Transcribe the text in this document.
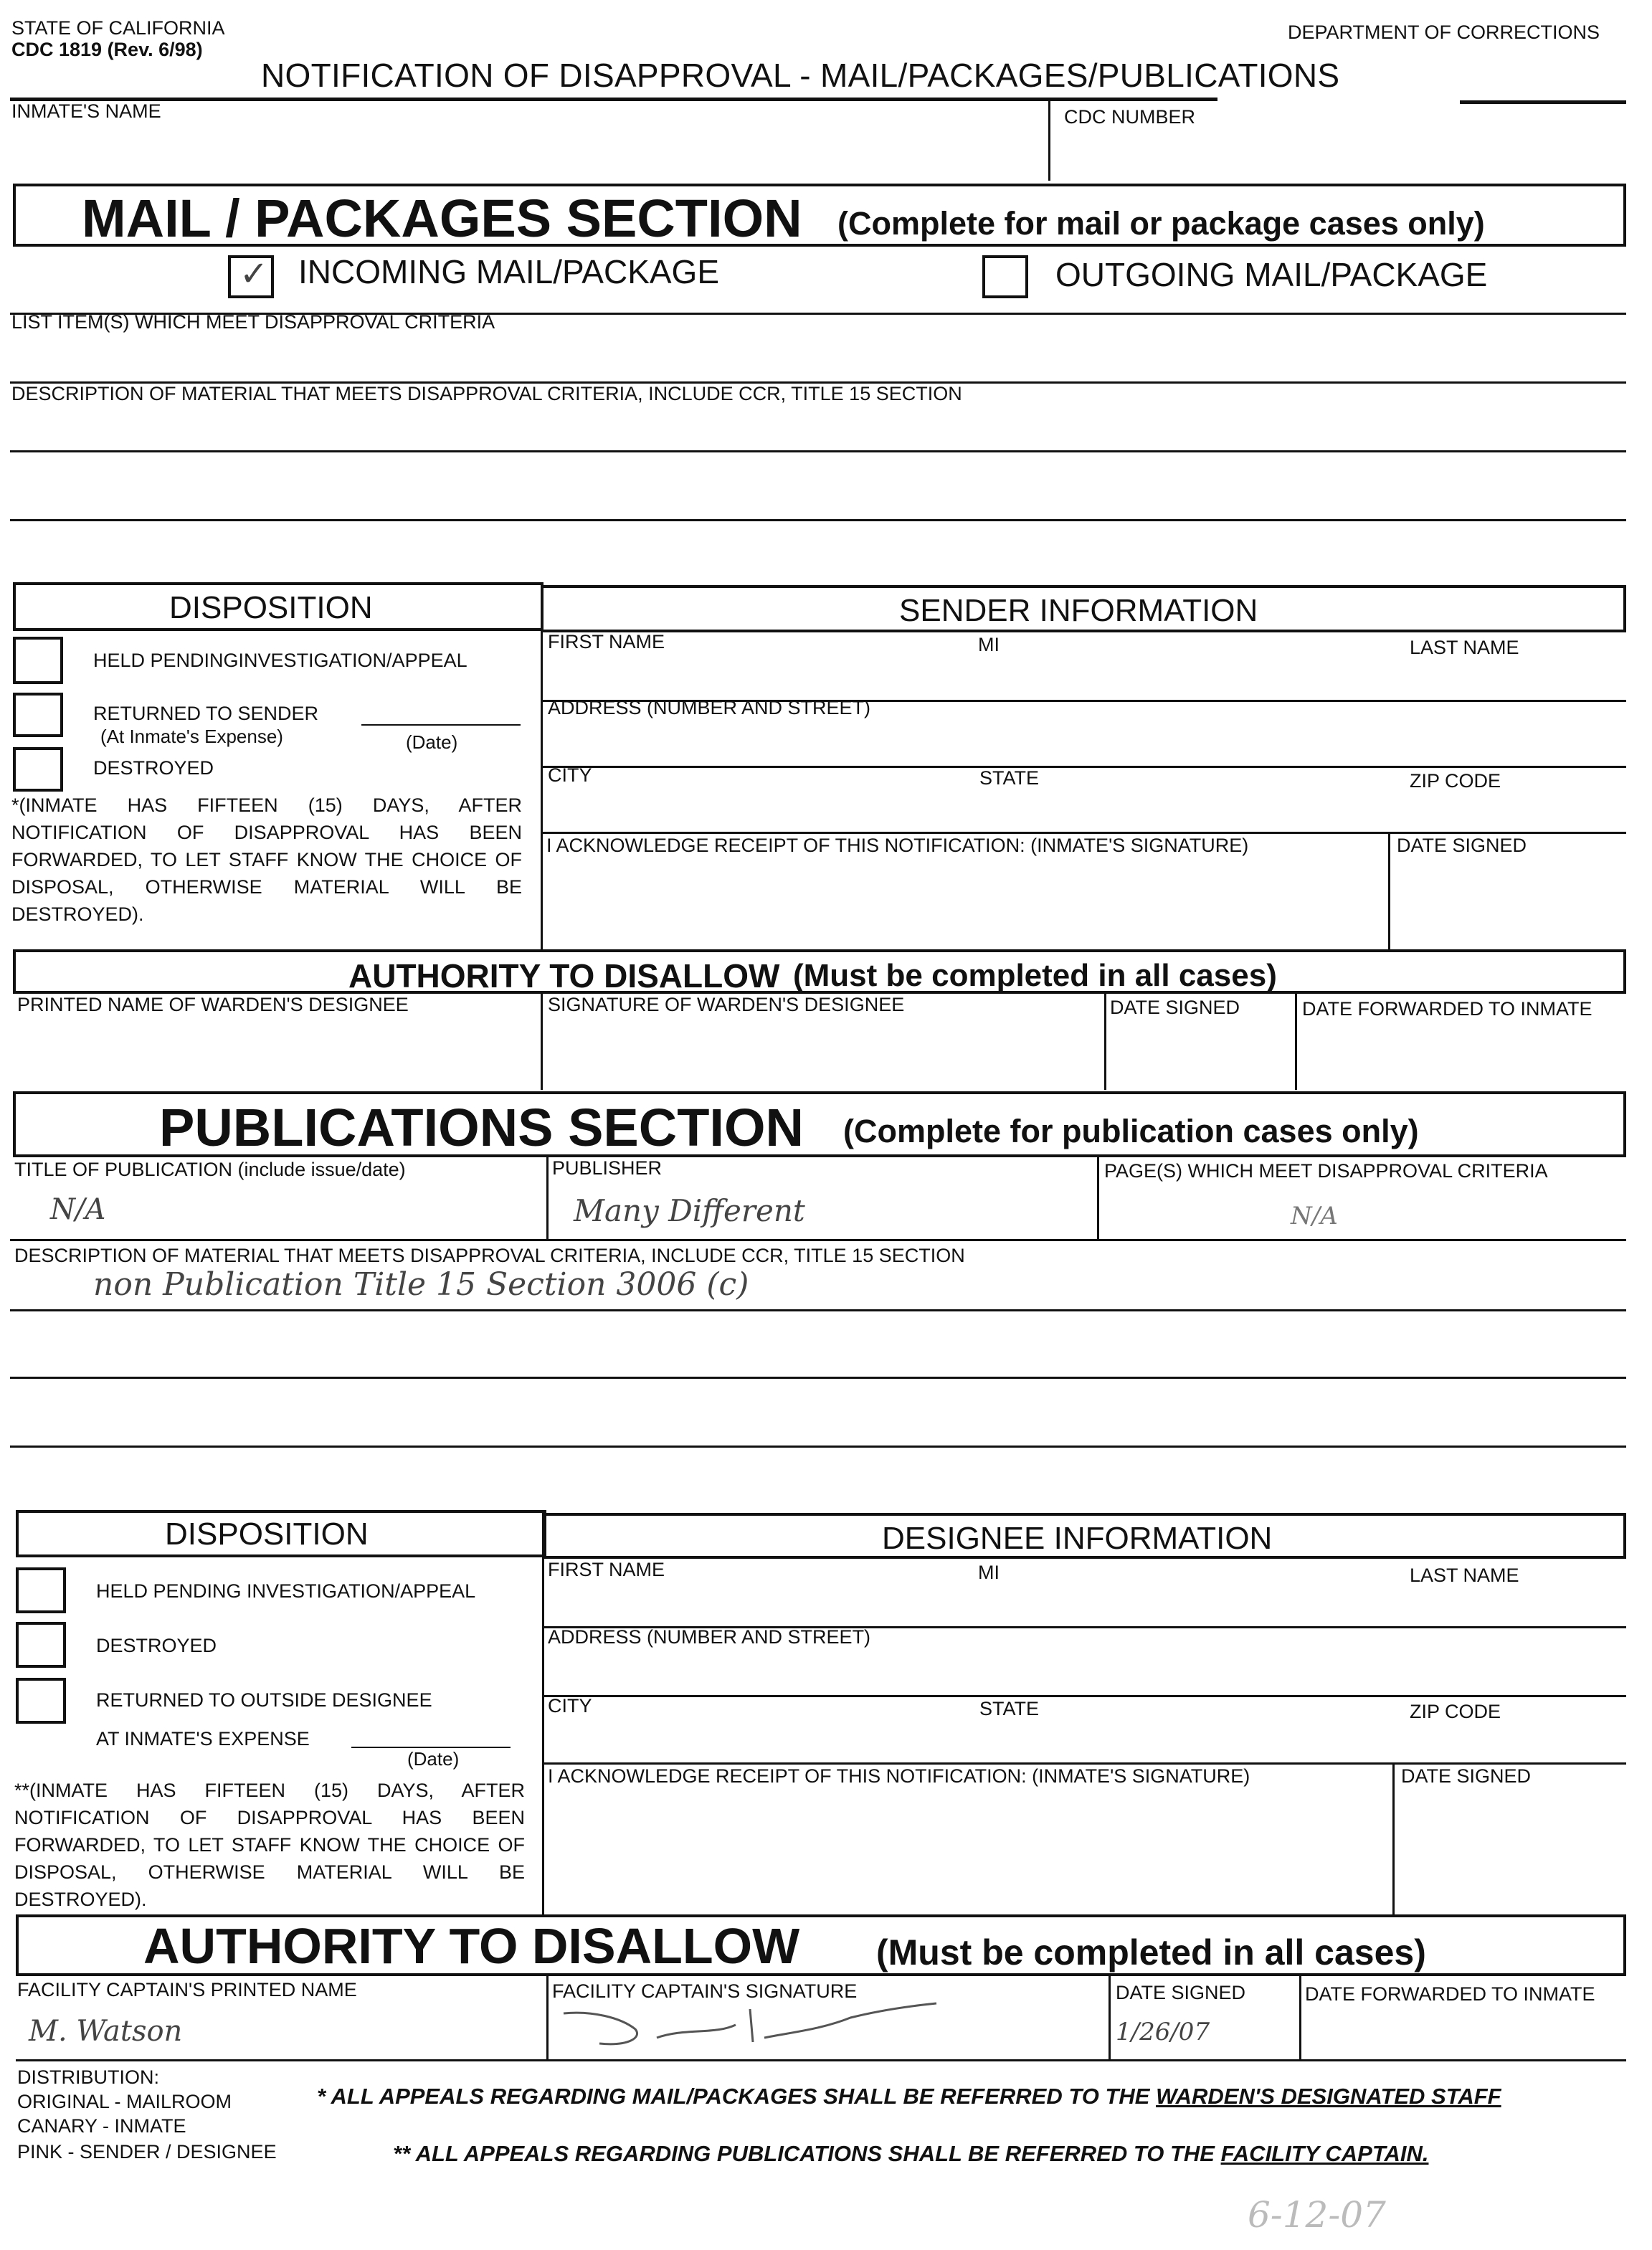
STATE OF CALIFORNIA
CDC 1819 (Rev. 6/98)
DEPARTMENT OF CORRECTIONS
NOTIFICATION OF DISAPPROVAL - MAIL/PACKAGES/PUBLICATIONS
INMATE'S NAME	CDC NUMBER
MAIL / PACKAGES SECTION (Complete for mail or package cases only)
✓ INCOMING MAIL/PACKAGE	OUTGOING MAIL/PACKAGE
LIST ITEM(S) WHICH MEET DISAPPROVAL CRITERIA
DESCRIPTION OF MATERIAL THAT MEETS DISAPPROVAL CRITERIA, INCLUDE CCR, TITLE 15 SECTION
DISPOSITION	SENDER INFORMATION
HELD PENDINGINVESTIGATION/APPEAL
RETURNED TO SENDER
(At Inmate's Expense)	(Date)
DESTROYED
*(INMATE HAS FIFTEEN (15) DAYS, AFTER NOTIFICATION OF DISAPPROVAL HAS BEEN FORWARDED, TO LET STAFF KNOW THE CHOICE OF DISPOSAL, OTHERWISE MATERIAL WILL BE DESTROYED).
FIRST NAME	MI	LAST NAME
ADDRESS (NUMBER AND STREET)
CITY	STATE	ZIP CODE
I ACKNOWLEDGE RECEIPT OF THIS NOTIFICATION: (INMATE'S SIGNATURE)	DATE SIGNED
AUTHORITY TO DISALLOW (Must be completed in all cases)
PRINTED NAME OF WARDEN'S DESIGNEE	SIGNATURE OF WARDEN'S DESIGNEE	DATE SIGNED	DATE FORWARDED TO INMATE
PUBLICATIONS SECTION (Complete for publication cases only)
TITLE OF PUBLICATION (include issue/date)
N/A
PUBLISHER
Many Different
PAGE(S) WHICH MEET DISAPPROVAL CRITERIA
N/A
DESCRIPTION OF MATERIAL THAT MEETS DISAPPROVAL CRITERIA, INCLUDE CCR, TITLE 15 SECTION
non Publication Title 15 Section 3006 (c)
DISPOSITION	DESIGNEE INFORMATION
HELD PENDING INVESTIGATION/APPEAL
DESTROYED
RETURNED TO OUTSIDE DESIGNEE
AT INMATE'S EXPENSE
(Date)
**(INMATE HAS FIFTEEN (15) DAYS, AFTER NOTIFICATION OF DISAPPROVAL HAS BEEN FORWARDED, TO LET STAFF KNOW THE CHOICE OF DISPOSAL, OTHERWISE MATERIAL WILL BE DESTROYED).
FIRST NAME	MI	LAST NAME
ADDRESS (NUMBER AND STREET)
CITY	STATE	ZIP CODE
I ACKNOWLEDGE RECEIPT OF THIS NOTIFICATION: (INMATE'S SIGNATURE)	DATE SIGNED
AUTHORITY TO DISALLOW (Must be completed in all cases)
FACILITY CAPTAIN'S PRINTED NAME
M. Watson
FACILITY CAPTAIN'S SIGNATURE	DATE SIGNED
1/26/07
DATE FORWARDED TO INMATE
DISTRIBUTION:
ORIGINAL - MAILROOM
CANARY - INMATE
PINK - SENDER / DESIGNEE
* ALL APPEALS REGARDING MAIL/PACKAGES SHALL BE REFERRED TO THE WARDEN'S DESIGNATED STAFF
** ALL APPEALS REGARDING PUBLICATIONS SHALL BE REFERRED TO THE FACILITY CAPTAIN.
6-12-07
